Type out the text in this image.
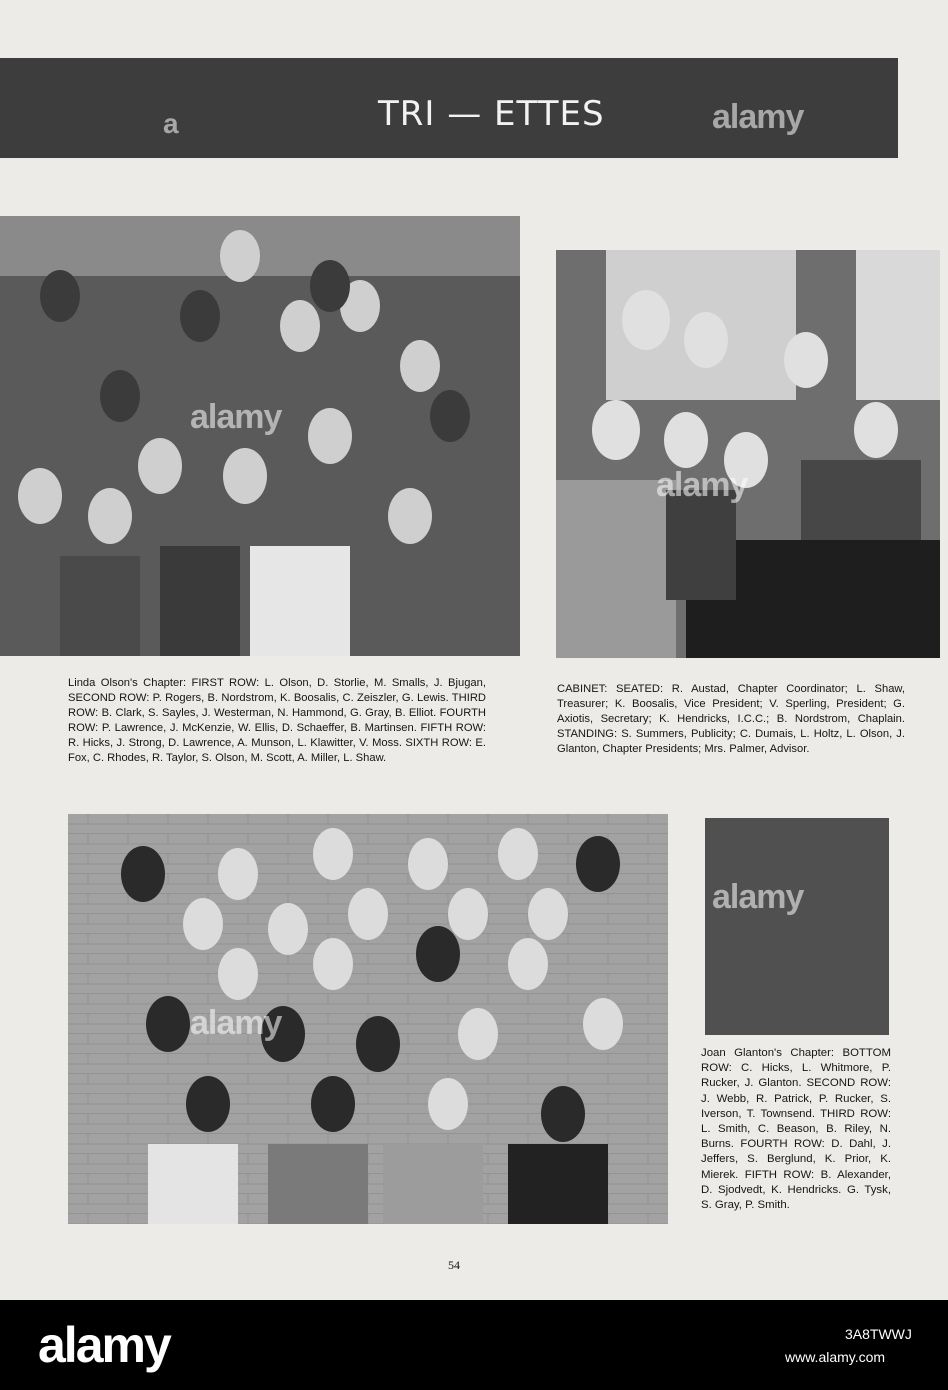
TRI — ETTES
a	alamy
alamy
alamy
Linda Olson's Chapter: FIRST ROW: L. Olson, D. Storlie, M. Smalls, J. Bjugan, SECOND ROW: P. Rogers, B. Nordstrom, K. Boosalis, C. Zeiszler, G. Lewis. THIRD ROW: B. Clark, S. Sayles, J. Westerman, N. Hammond, G. Gray, B. Elliot. FOURTH ROW: P. Lawrence, J. McKenzie, W. Ellis, D. Schaeffer, B. Martinsen. FIFTH ROW: R. Hicks, J. Strong, D. Lawrence, A. Munson, L. Klawitter, V. Moss. SIXTH ROW: E. Fox, C. Rhodes, R. Taylor, S. Olson, M. Scott, A. Miller, L. Shaw.
CABINET: SEATED: R. Austad, Chapter Coordinator; L. Shaw, Treasurer; K. Boosalis, Vice President; V. Sperling, President; G. Axiotis, Secretary; K. Hendricks, I.C.C.; B. Nordstrom, Chaplain. STANDING: S. Summers, Publicity; C. Dumais, L. Holtz, L. Olson, J. Glanton, Chapter Presidents; Mrs. Palmer, Advisor.
alamy
alamy
Joan Glanton's Chapter: BOTTOM ROW: C. Hicks, L. Whitmore, P. Rucker, J. Glanton. SECOND ROW: J. Webb, R. Patrick, P. Rucker, S. Iverson, T. Townsend. THIRD ROW: L. Smith, C. Beason, B. Riley, N. Burns. FOURTH ROW: D. Dahl, J. Jeffers, S. Berglund, K. Prior, K. Mierek. FIFTH ROW: B. Alexander, D. Sjodvedt, K. Hendricks. G. Tysk, S. Gray, P. Smith.
54
alamy	3A8TWWJ
www.alamy.com
